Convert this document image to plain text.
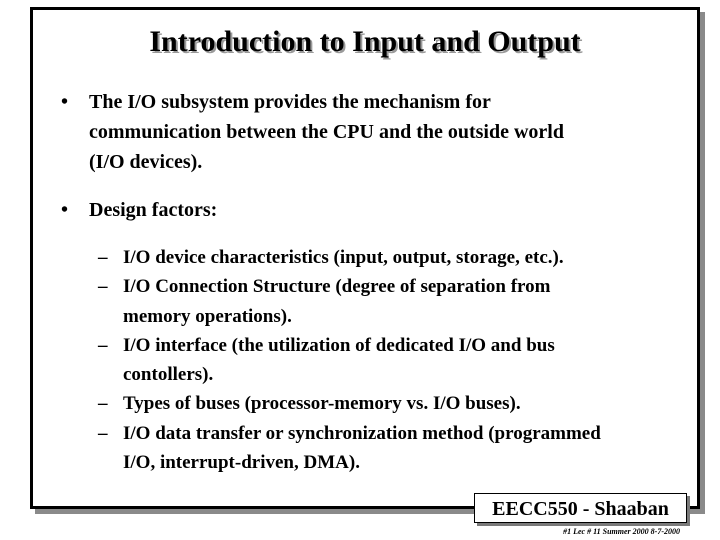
Introduction to Input and Output
• The I/O subsystem provides the mechanism for
communication between the CPU and the outside world
(I/O devices).
• Design factors:
– I/O device characteristics (input, output, storage, etc.).
– I/O Connection Structure (degree of separation from
memory operations).
– I/O interface (the utilization of dedicated I/O and bus
contollers).
– Types of buses (processor-memory vs. I/O buses).
– I/O data transfer or synchronization method (programmed
I/O, interrupt-driven, DMA).
EECC550 - Shaaban
#1 Lec # 11 Summer 2000 8-7-2000
